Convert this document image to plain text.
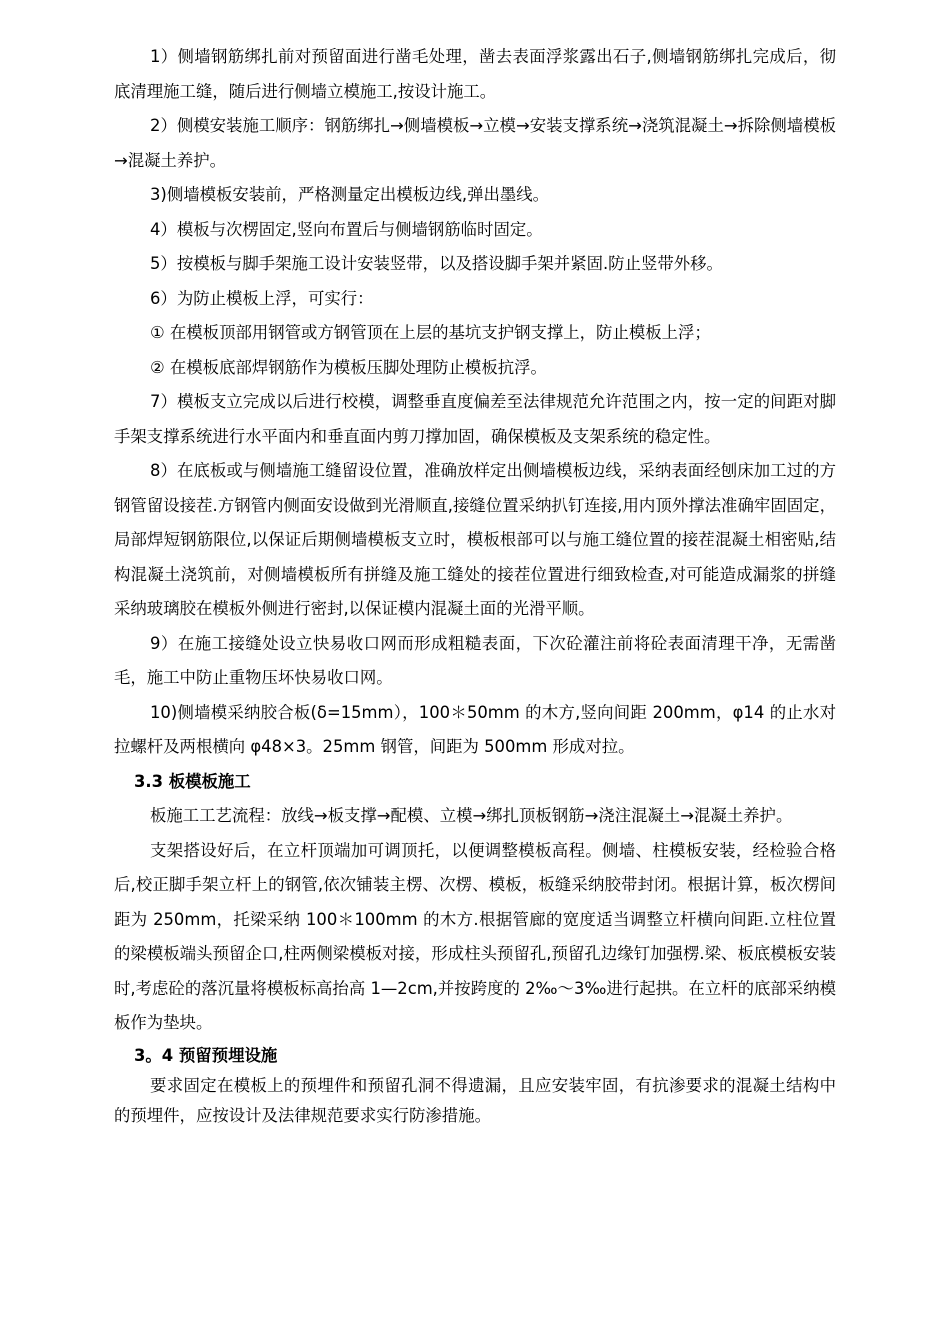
1）侧墙钢筋绑扎前对预留面进行凿毛处理，凿去表面浮浆露出石子,侧墙钢筋绑扎完成后，彻底清理施工缝，随后进行侧墙立模施工,按设计施工。

2）侧模安装施工顺序：钢筋绑扎→侧墙模板→立模→安装支撑系统→浇筑混凝土→拆除侧墙模板→混凝土养护。

3)侧墙模板安装前，严格测量定出模板边线,弹出墨线。

4）模板与次楞固定,竖向布置后与侧墙钢筋临时固定。

5）按模板与脚手架施工设计安装竖带，以及搭设脚手架并紧固.防止竖带外移。

6）为防止模板上浮，可实行：

① 在模板顶部用钢管或方钢管顶在上层的基坑支护钢支撑上，防止模板上浮；

② 在模板底部焊钢筋作为模板压脚处理防止模板抗浮。

7）模板支立完成以后进行校模，调整垂直度偏差至法律规范允许范围之内，按一定的间距对脚手架支撑系统进行水平面内和垂直面内剪刀撑加固，确保模板及支架系统的稳定性。

8）在底板或与侧墙施工缝留设位置，准确放样定出侧墙模板边线，采纳表面经刨床加工过的方钢管留设接茬.方钢管内侧面安设做到光滑顺直,接缝位置采纳扒钉连接,用内顶外撑法准确牢固固定，局部焊短钢筋限位,以保证后期侧墙模板支立时，模板根部可以与施工缝位置的接茬混凝土相密贴,结构混凝土浇筑前，对侧墙模板所有拼缝及施工缝处的接茬位置进行细致检查,对可能造成漏浆的拼缝采纳玻璃胶在模板外侧进行密封,以保证模内混凝土面的光滑平顺。

9）在施工接缝处设立快易收口网而形成粗糙表面，下次砼灌注前将砼表面清理干净，无需凿毛，施工中防止重物压坏快易收口网。

10)侧墙模采纳胶合板(δ=15mm），100＊50mm 的木方,竖向间距 200mm，φ14 的止水对拉螺杆及两根横向 φ48×3。25mm 钢管，间距为 500mm 形成对拉。

3.3 板模板施工

板施工工艺流程：放线→板支撑→配模、立模→绑扎顶板钢筋→浇注混凝土→混凝土养护。

支架搭设好后，在立杆顶端加可调顶托，以便调整模板高程。侧墙、柱模板安装，经检验合格后,校正脚手架立杆上的钢管,依次铺装主楞、次楞、模板，板缝采纳胶带封闭。根据计算，板次楞间距为 250mm，托梁采纳 100＊100mm 的木方.根据管廊的宽度适当调整立杆横向间距.立柱位置的梁模板端头预留企口,柱两侧梁模板对接，形成柱头预留孔,预留孔边缘钉加强楞.梁、板底模板安装时,考虑砼的落沉量将模板标高抬高 1—2cm,并按跨度的 2‰～3‰进行起拱。在立杆的底部采纳模板作为垫块。

3。4 预留预埋设施

要求固定在模板上的预埋件和预留孔洞不得遗漏，且应安装牢固，有抗渗要求的混凝土结构中的预埋件，应按设计及法律规范要求实行防渗措施。
